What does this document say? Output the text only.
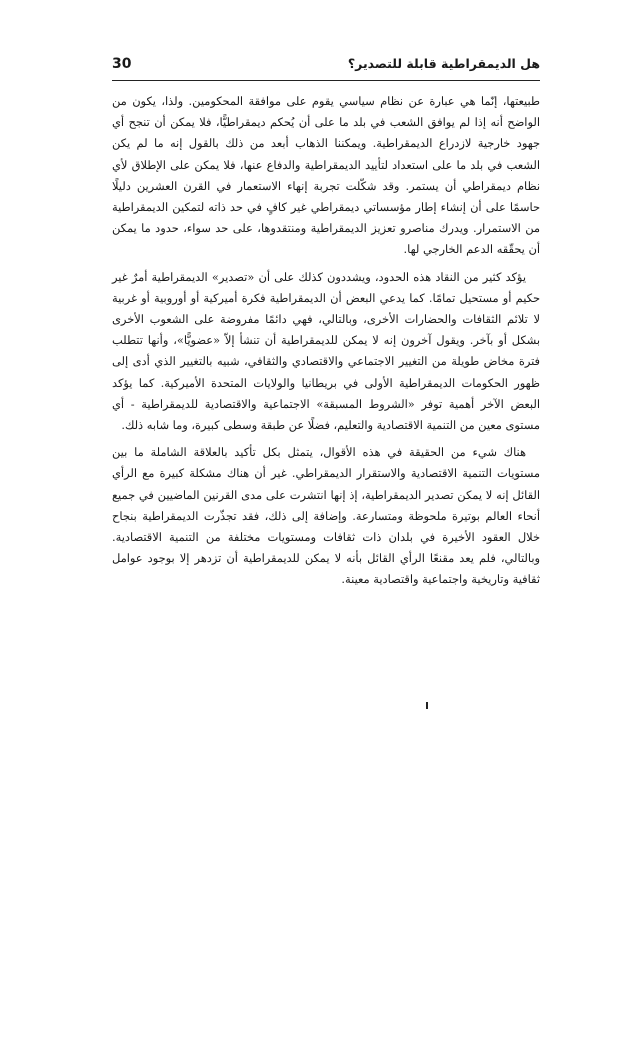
هل الديمقراطية قابلة للتصدير؟
30

طبيعتها، إنّما هي عبارة عن نظام سياسي يقوم على موافقة المحكومين. ولذا، يكون من الواضح أنه إذا لم يوافق الشعب في بلد ما على أن يُحكم ديمقراطيًّا، فلا يمكن أن تنجح أي جهود خارجية لازدراع الديمقراطية. ويمكننا الذهاب أبعد من ذلك بالقول إنه ما لم يكن الشعب في بلد ما على استعداد لتأييد الديمقراطية والدفاع عنها، فلا يمكن على الإطلاق لأي نظام ديمقراطي أن يستمر. وقد شكّلت تجربة إنهاء الاستعمار في القرن العشرين دليلًا حاسمًا على أن إنشاء إطار مؤسساتي ديمقراطي غير كافٍ في حد ذاته لتمكين الديمقراطية من الاستمرار. ويدرك مناصرو تعزيز الديمقراطية ومنتقدوها، على حد سواء، حدود ما يمكن أن يحقّقه الدعم الخارجي لها.

يؤكد كثير من النقاد هذه الحدود، ويشددون كذلك على أن «تصدير» الديمقراطية أمرٌ غير حكيم أو مستحيل تمامًا. كما يدعي البعض أن الديمقراطية فكرة أميركية أو أوروبية أو غربية لا تلائم الثقافات والحضارات الأخرى، وبالتالي، فهي دائمًا مفروضة على الشعوب الأخرى بشكل أو بآخر. ويقول آخرون إنه لا يمكن للديمقراطية أن تنشأ إلاّ «عضويًّا»، وأنها تتطلب فترة مخاض طويلة من التغيير الاجتماعي والاقتصادي والثقافي، شبيه بالتغيير الذي أدى إلى ظهور الحكومات الديمقراطية الأولى في بريطانيا والولايات المتحدة الأميركية. كما يؤكد البعض الآخر أهمية توفر «الشروط المسبقة» الاجتماعية والاقتصادية للديمقراطية - أي مستوى معين من التنمية الاقتصادية والتعليم، فضلًا عن طبقة وسطى كبيرة، وما شابه ذلك.

هناك شيء من الحقيقة في هذه الأقوال، يتمثل بكل تأكيد بالعلاقة الشاملة ما بين مستويات التنمية الاقتصادية والاستقرار الديمقراطي. غير أن هناك مشكلة كبيرة مع الرأي القائل إنه لا يمكن تصدير الديمقراطية، إذ إنها انتشرت على مدى القرنين الماضيين في جميع أنحاء العالم بوتيرة ملحوظة ومتسارعة. وإضافة إلى ذلك، فقد تجذّرت الديمقراطية بنجاح خلال العقود الأخيرة في بلدان ذات ثقافات ومستويات مختلفة من التنمية الاقتصادية. وبالتالي، فلم يعد مقنعًا الرأي القائل بأنه لا يمكن للديمقراطية أن تزدهر إلا بوجود عوامل ثقافية وتاريخية واجتماعية واقتصادية معينة.
